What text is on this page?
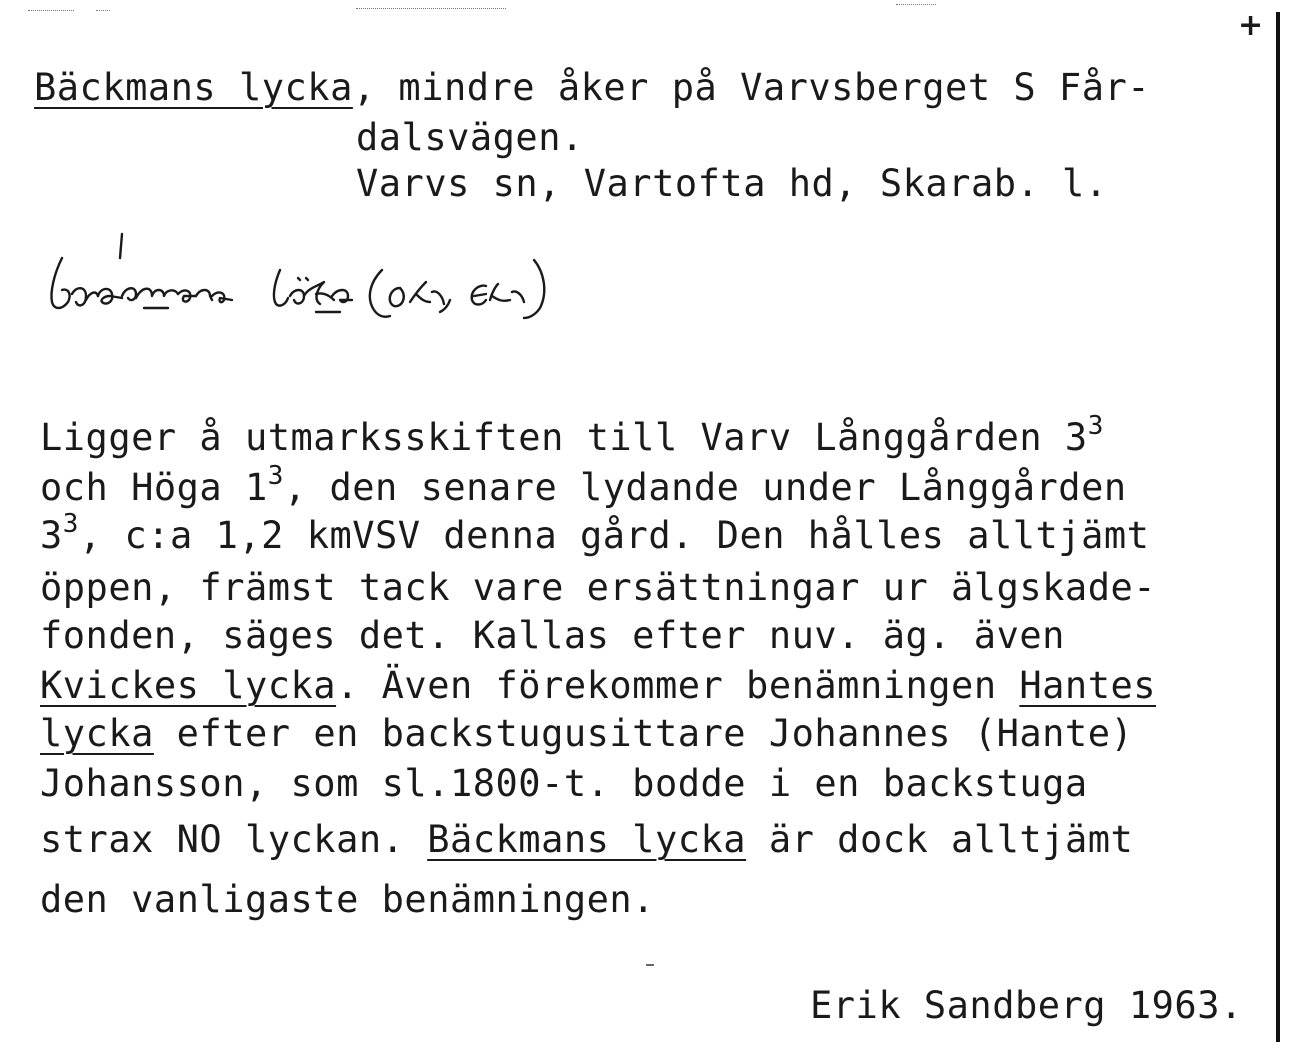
+
Bäckmans lycka, mindre åker på Varvsberget S Får-
dalsvägen.
Varvs sn, Vartofta hd, Skarab. l.
Ligger å utmarksskiften till Varv Långgården $3^3$
och Höga $1^3$, den senare lydande under Långgården
$3^3$, c:a 1,2 kmVSV denna gård. Den hålles alltjämt
öppen, främst tack vare ersättningar ur älgskade-
fonden, säges det. Kallas efter nuv. äg. även
Kvickes lycka. Även förekommer benämningen Hantes
lycka efter en backstugusittare Johannes (Hante)
Johansson, som sl.1800-t. bodde i en backstuga
strax NO lyckan. Bäckmans lycka är dock alltjämt
den vanligaste benämningen.
Erik Sandberg 1963.
